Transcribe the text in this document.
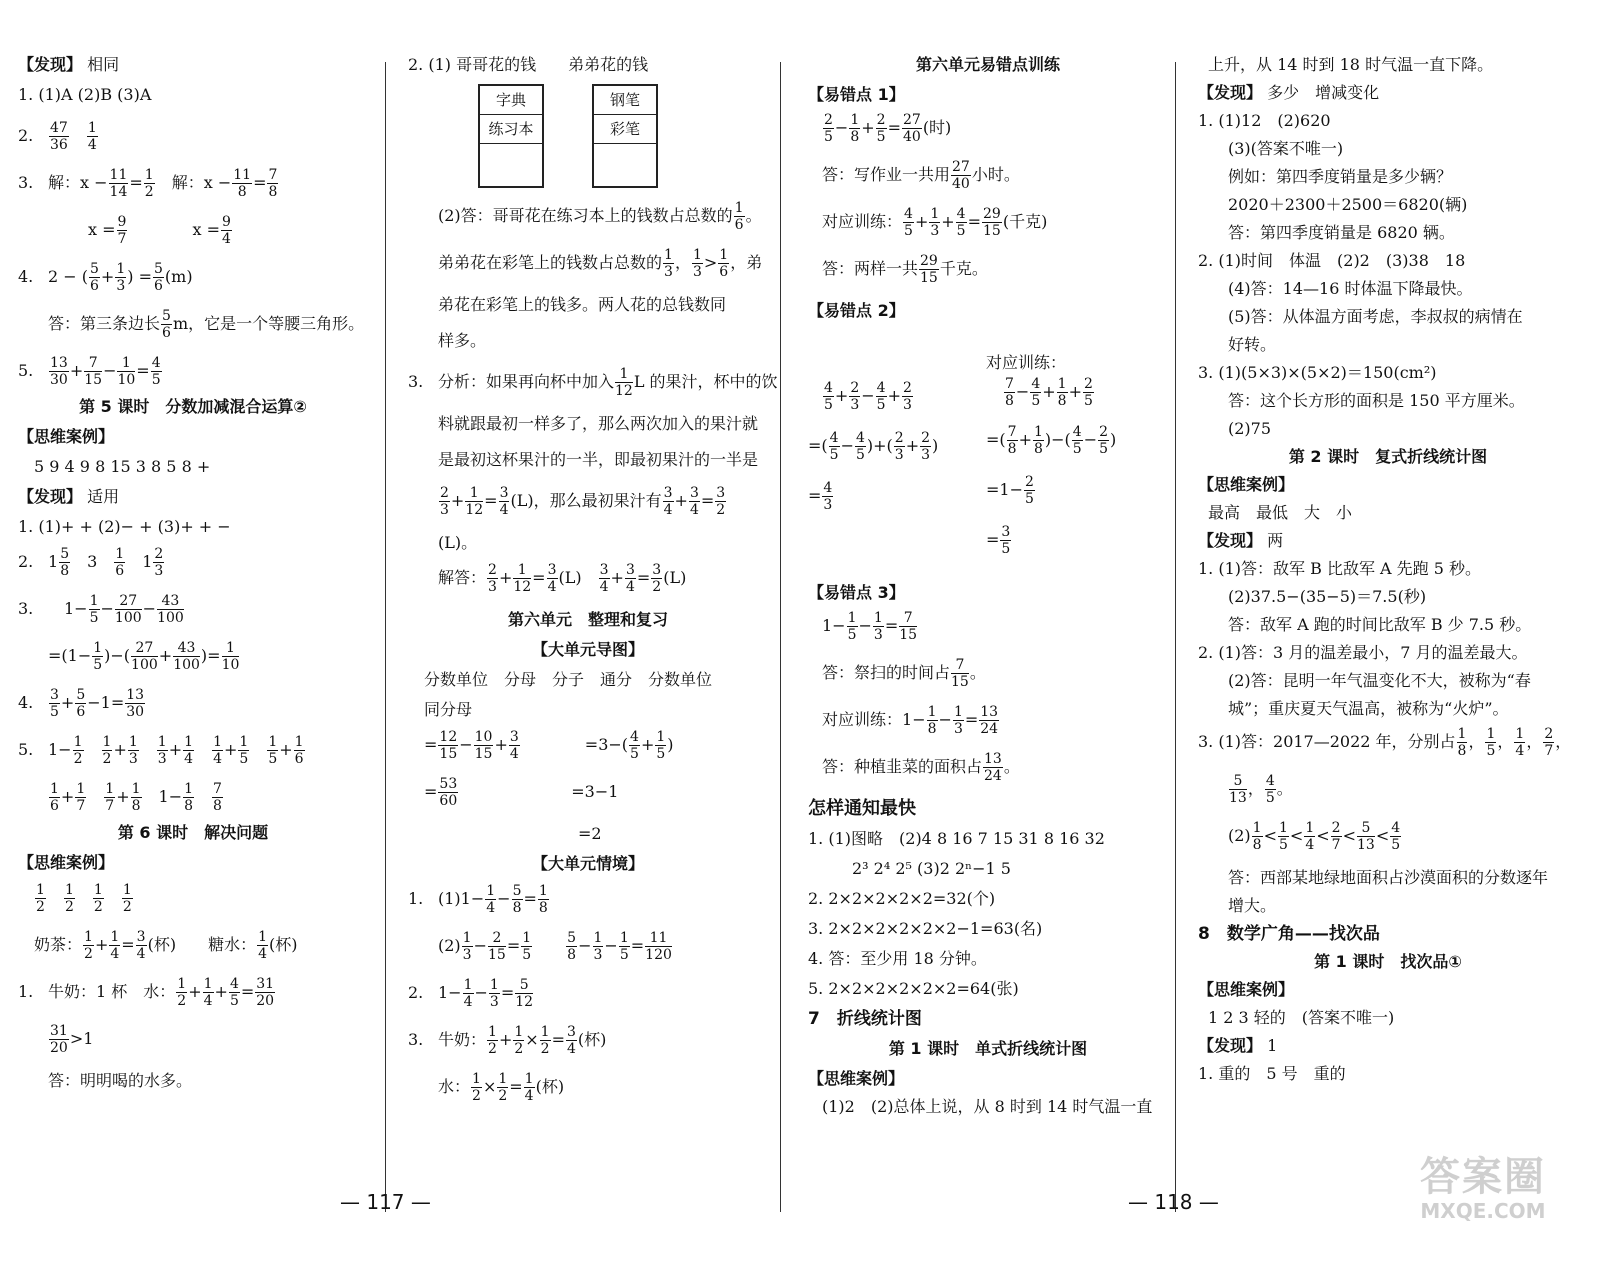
【发现】 相同
1. (1)A (2)B (3)A
2. $\frac{47}{36}$
　 $\frac{1}{4}$
3. 解：$x - \frac{11}{14} = \frac{1}{2}$
　 解：$x - \frac{11}{8} = \frac{7}{8}$
$x = \frac{9}{7}$
　　　　	$x = \frac{9}{4}$
4. 2 − ( $\frac{5}{6} + \frac{1}{3}$ ) = $\frac{5}{6} (m)$
答：第三条边长 $\frac{5}{6}$ m，它是一个等腰三角形。
5. $\frac{13}{30} + \frac{7}{15} - \frac{1}{10} = \frac{4}{5}$
第 5 课时　分数加减混合运算②
【思维案例】
5 9 4 9 8 15 3 8 5 8 +
【发现】 适用
1. (1)+ + (2)− + (3)+ + −
2. $1 \frac{5}{8}$ 　3　 $\frac{1}{6}$ 　$1 \frac{2}{3}$
3.　$1- \frac{1}{5} - \frac{27}{100} - \frac{43}{100}$
$=(1- \frac{1}{5}$ )−( $\frac{27}{100} + \frac{43}{100}$ )= $\frac{1}{10}$
4. $\frac{3}{5} + \frac{5}{6} -1= \frac{13}{30}$
5. $1- \frac{1}{2}$
　 $\frac{1}{2} + \frac{1}{3}$
　 $\frac{1}{3} + \frac{1}{4}$
　 $\frac{1}{4} + \frac{1}{5}$
　 $\frac{1}{5} + \frac{1}{6}$
$\frac{1}{6} + \frac{1}{7}$
　 $\frac{1}{7} + \frac{1}{8}$ 　$1- \frac{1}{8}$
　 $\frac{7}{8}$
第 6 课时　解决问题
【思维案例】
$\frac{1}{2}$
　 $\frac{1}{2}$
　 $\frac{1}{2}$
　 $\frac{1}{2}$
奶茶： $\frac{1}{2} + \frac{1}{4} = \frac{3}{4}$ (杯)　　 糖水： $\frac{1}{4}$ (杯)
1. 牛奶：1 杯　水： $\frac{1}{2} + \frac{1}{4} + \frac{4}{5} = \frac{31}{20}$
$\frac{31}{20} >1$
答：明明喝的水多。
2. (1) 哥哥花的钱　　弟弟花的钱
字典
练习本
钢笔
彩笔
(2)答：哥哥花在练习本上的钱数占总数的 $\frac{1}{6}$ 。
弟弟花在彩笔上的钱数占总数的 $\frac{1}{3}$ ， $\frac{1}{3} > \frac{1}{6}$ ，弟
弟花在彩笔上的钱多。两人花的总钱数同
样多。
3. 分析：如果再向杯中加入 $\frac{1}{12}$ L 的果汁，杯中的饮
料就跟最初一样多了，那么两次加入的果汁就
是最初这杯果汁的一半，即最初果汁的一半是
$\frac{2}{3} + \frac{1}{12} = \frac{3}{4} (L)$，那么最初果汁有 $\frac{3}{4} + \frac{3}{4} = \frac{3}{2}$
(L)。
解答： $\frac{2}{3} + \frac{1}{12} = \frac{3}{4} (L)$　 $\frac{3}{4} + \frac{3}{4} = \frac{3}{2} (L)$
第六单元　整理和复习
【大单元导图】
分数单位　分母　分子　通分　分数单位
同分母
= $\frac{12}{15} - \frac{10}{15} + \frac{3}{4}$ 　　　　$=3-( \frac{4}{5} + \frac{1}{5}$ )
= $\frac{53}{60}$ 　　　　　　　=3−1
=2
【大单元情境】
1. $(1)1- \frac{1}{4} - \frac{5}{8} = \frac{1}{8}$
$(2) \frac{1}{3} - \frac{2}{15} = \frac{1}{5}$
　　 $\frac{5}{8} - \frac{1}{3} - \frac{1}{5} = \frac{11}{120}$
2. $1- \frac{1}{4} - \frac{1}{3} = \frac{5}{12}$
3. 牛奶： $\frac{1}{2} + \frac{1}{2} \times \frac{1}{2} = \frac{3}{4}$ (杯)
水： $\frac{1}{2} \times \frac{1}{2} = \frac{1}{4}$ (杯)
第六单元易错点训练
【易错点 1】
$\frac{2}{5} - \frac{1}{8} + \frac{2}{5} = \frac{27}{40}$ (时)
答：写作业一共用 $\frac{27}{40}$ 小时。
对应训练： $\frac{4}{5} + \frac{1}{3} + \frac{4}{5} = \frac{29}{15}$ (千克)
答：两样一共 $\frac{29}{15}$ 千克。
【易错点 2】
对应训练：
$\frac{4}{5} + \frac{2}{3} - \frac{4}{5} + \frac{2}{3}$
=( $\frac{4}{5} - \frac{4}{5}$ )+( $\frac{2}{3} + \frac{2}{3}$ )
= $\frac{4}{3}$
$\frac{7}{8} - \frac{4}{5} + \frac{1}{8} + \frac{2}{5}$
=( $\frac{7}{8} + \frac{1}{8}$ )−( $\frac{4}{5} - \frac{2}{5}$ )
$=1- \frac{2}{5}$
= $\frac{3}{5}$
【易错点 3】
$1- \frac{1}{5} - \frac{1}{3} = \frac{7}{15}$
答：祭扫的时间占 $\frac{7}{15}$ 。
对应训练：$1- \frac{1}{8} - \frac{1}{3} = \frac{13}{24}$
答：种植韭菜的面积占 $\frac{13}{24}$ 。
怎样通知最快
1. (1)图略　(2)4 8 16 7 15 31 8 16 32
2³ 2⁴ 2⁵ (3)2 2ⁿ−1 5
2. 2×2×2×2×2=32(个)
3. 2×2×2×2×2×2−1=63(名)
4. 答：至少用 18 分钟。
5. 2×2×2×2×2×2=64(张)
7　折线统计图
第 1 课时　单式折线统计图
【思维案例】
(1)2　(2)总体上说，从 8 时到 14 时气温一直
上升，从 14 时到 18 时气温一直下降。
【发现】 多少　增减变化
1. (1)12　(2)620
(3)(答案不唯一)
例如：第四季度销量是多少辆？
2020＋2300＋2500＝6820(辆)
答：第四季度销量是 6820 辆。
2. (1)时间　体温　(2)2　(3)38　18
(4)答：14—16 时体温下降最快。
(5)答：从体温方面考虑，李叔叔的病情在
好转。
3. (1)(5×3)×(5×2)＝150(cm²)
答：这个长方形的面积是 150 平方厘米。
(2)75
第 2 课时　复式折线统计图
【思维案例】
最高　最低　大　小
【发现】 两
1. (1)答：敌军 B 比敌军 A 先跑 5 秒。
(2)37.5−(35−5)＝7.5(秒)
答：敌军 A 跑的时间比敌军 B 少 7.5 秒。
2. (1)答：3 月的温差最小，7 月的温差最大。
(2)答：昆明一年气温变化不大，被称为“春
城”；重庆夏天气温高，被称为“火炉”。
3. (1)答：2017—2022 年，分别占 $\frac{1}{8}$ ， $\frac{1}{5}$ ， $\frac{1}{4}$ ， $\frac{2}{7}$ ，
$\frac{5}{13}$ ， $\frac{4}{5}$ 。
$(2) \frac{1}{8} < \frac{1}{5} < \frac{1}{4} < \frac{2}{7} < \frac{5}{13} < \frac{4}{5}$
答：西部某地绿地面积占沙漠面积的分数逐年
增大。
8　数学广角——找次品
第 1 课时　找次品①
【思维案例】
1 2 3 轻的　(答案不唯一)
【发现】 1
1. 重的　5 号　重的
— 117 —	— 118 —
答案圈
MXQE.COM
